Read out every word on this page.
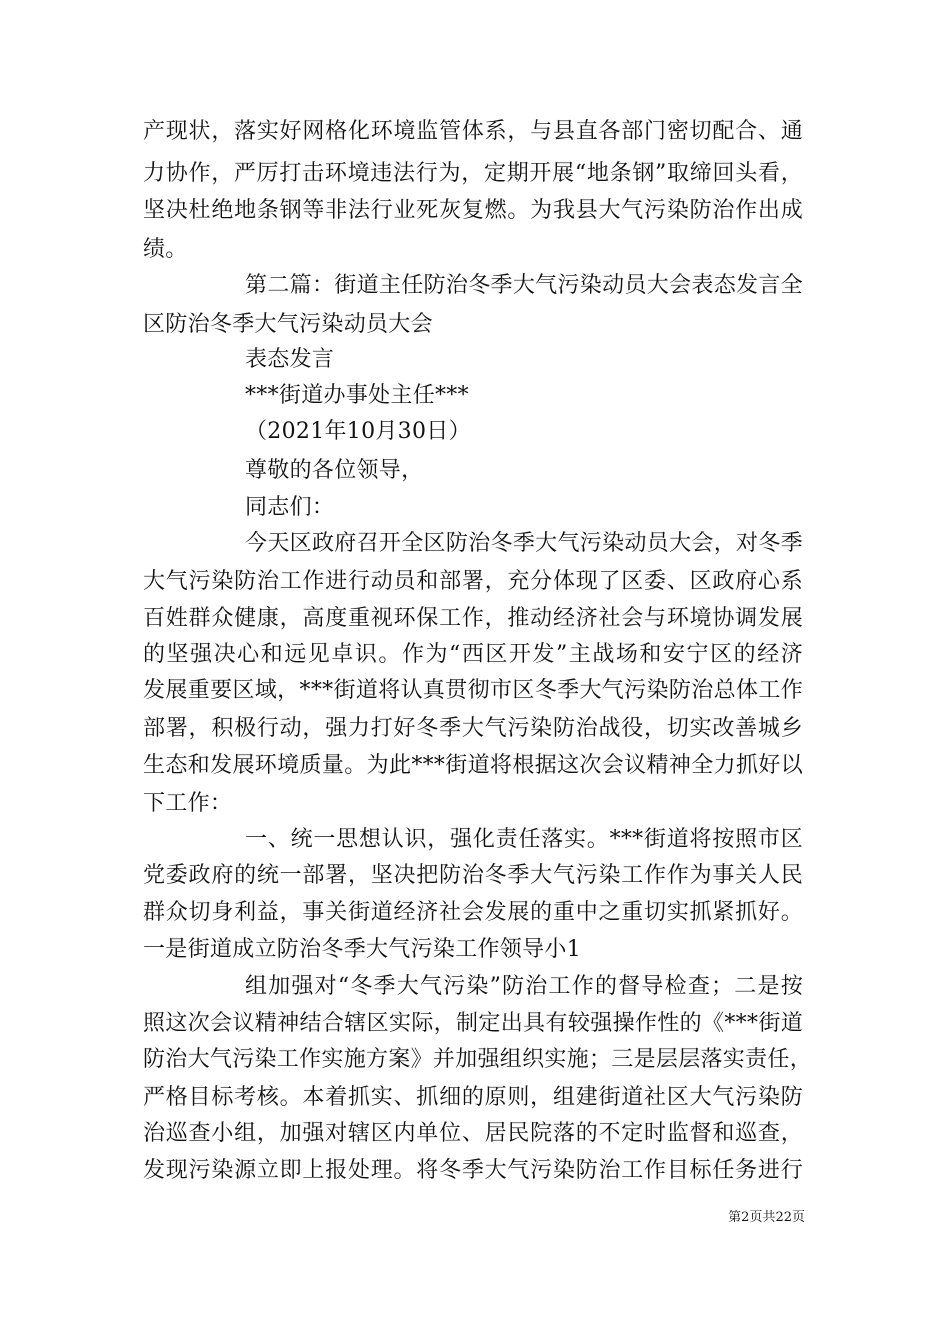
产现状，落实好网格化环境监管体系，与县直各部门密切配合、通
力协作，严厉打击环境违法行为，定期开展“地条钢”取缔回头看，
坚决杜绝地条钢等非法行业死灰复燃。为我县大气污染防治作出成
绩。
第二篇：街道主任防治冬季大气污染动员大会表态发言全
区防治冬季大气污染动员大会
表态发言
***街道办事处主任***
（2021年10月30日）
尊敬的各位领导，
同志们：
今天区政府召开全区防治冬季大气污染动员大会，对冬季
大气污染防治工作进行动员和部署，充分体现了区委、区政府心系
百姓群众健康，高度重视环保工作，推动经济社会与环境协调发展
的坚强决心和远见卓识。作为“西区开发”主战场和安宁区的经济
发展重要区域，***街道将认真贯彻市区冬季大气污染防治总体工作
部署，积极行动，强力打好冬季大气污染防治战役，切实改善城乡
生态和发展环境质量。为此***街道将根据这次会议精神全力抓好以
下工作：
一、统一思想认识，强化责任落实。***街道将按照市区
党委政府的统一部署，坚决把防治冬季大气污染工作作为事关人民
群众切身利益，事关街道经济社会发展的重中之重切实抓紧抓好。
一是街道成立防治冬季大气污染工作领导小1
组加强对“冬季大气污染”防治工作的督导检查；二是按
照这次会议精神结合辖区实际，制定出具有较强操作性的《***街道
防治大气污染工作实施方案》并加强组织实施；三是层层落实责任，
严格目标考核。本着抓实、抓细的原则，组建街道社区大气污染防
治巡查小组，加强对辖区内单位、居民院落的不定时监督和巡查，
发现污染源立即上报处理。将冬季大气污染防治工作目标任务进行
第2页共22页
